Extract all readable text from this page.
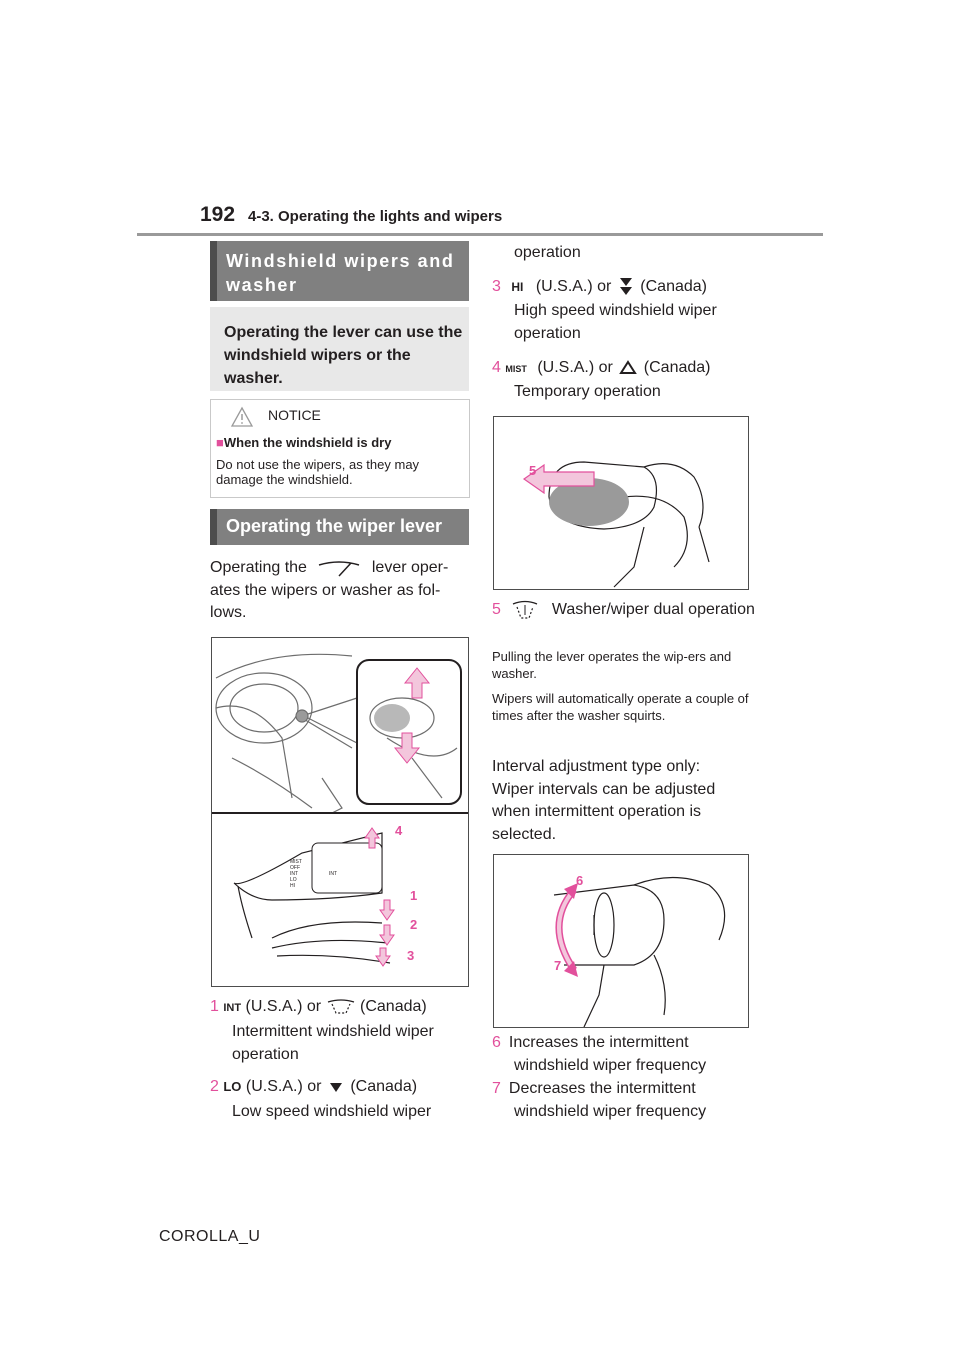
192 4-3. Operating the lights and wipers
Windshield wipers and washer
Operating the lever can use the windshield wipers or the washer.
NOTICE
■When the windshield is dry
Do not use the wipers, as they may damage the windshield.
Operating the wiper lever
Operating the	lever oper-
ates the wipers or washer as fol-
lows.
MIST
OFF
INT
LO
HI
INT
4
1
2
3
1 INT (U.S.A.) or (Canada)
Intermittent windshield wiper operation
2 LO (U.S.A.) or (Canada)
Low speed windshield wiper
operation
3 HI (U.S.A.) or (Canada)
High speed windshield wiper operation
4 MIST (U.S.A.) or (Canada)
Temporary operation
5
5	Washer/wiper dual operation
Pulling the lever operates the wip-ers and washer.
Wipers will automatically operate a couple of times after the washer squirts.
Interval adjustment type only:
Wiper intervals can be adjusted
when intermittent operation is
selected.
6
7
6 Increases the intermittent
windshield wiper frequency
7 Decreases the intermittent
windshield wiper frequency
COROLLA_U
